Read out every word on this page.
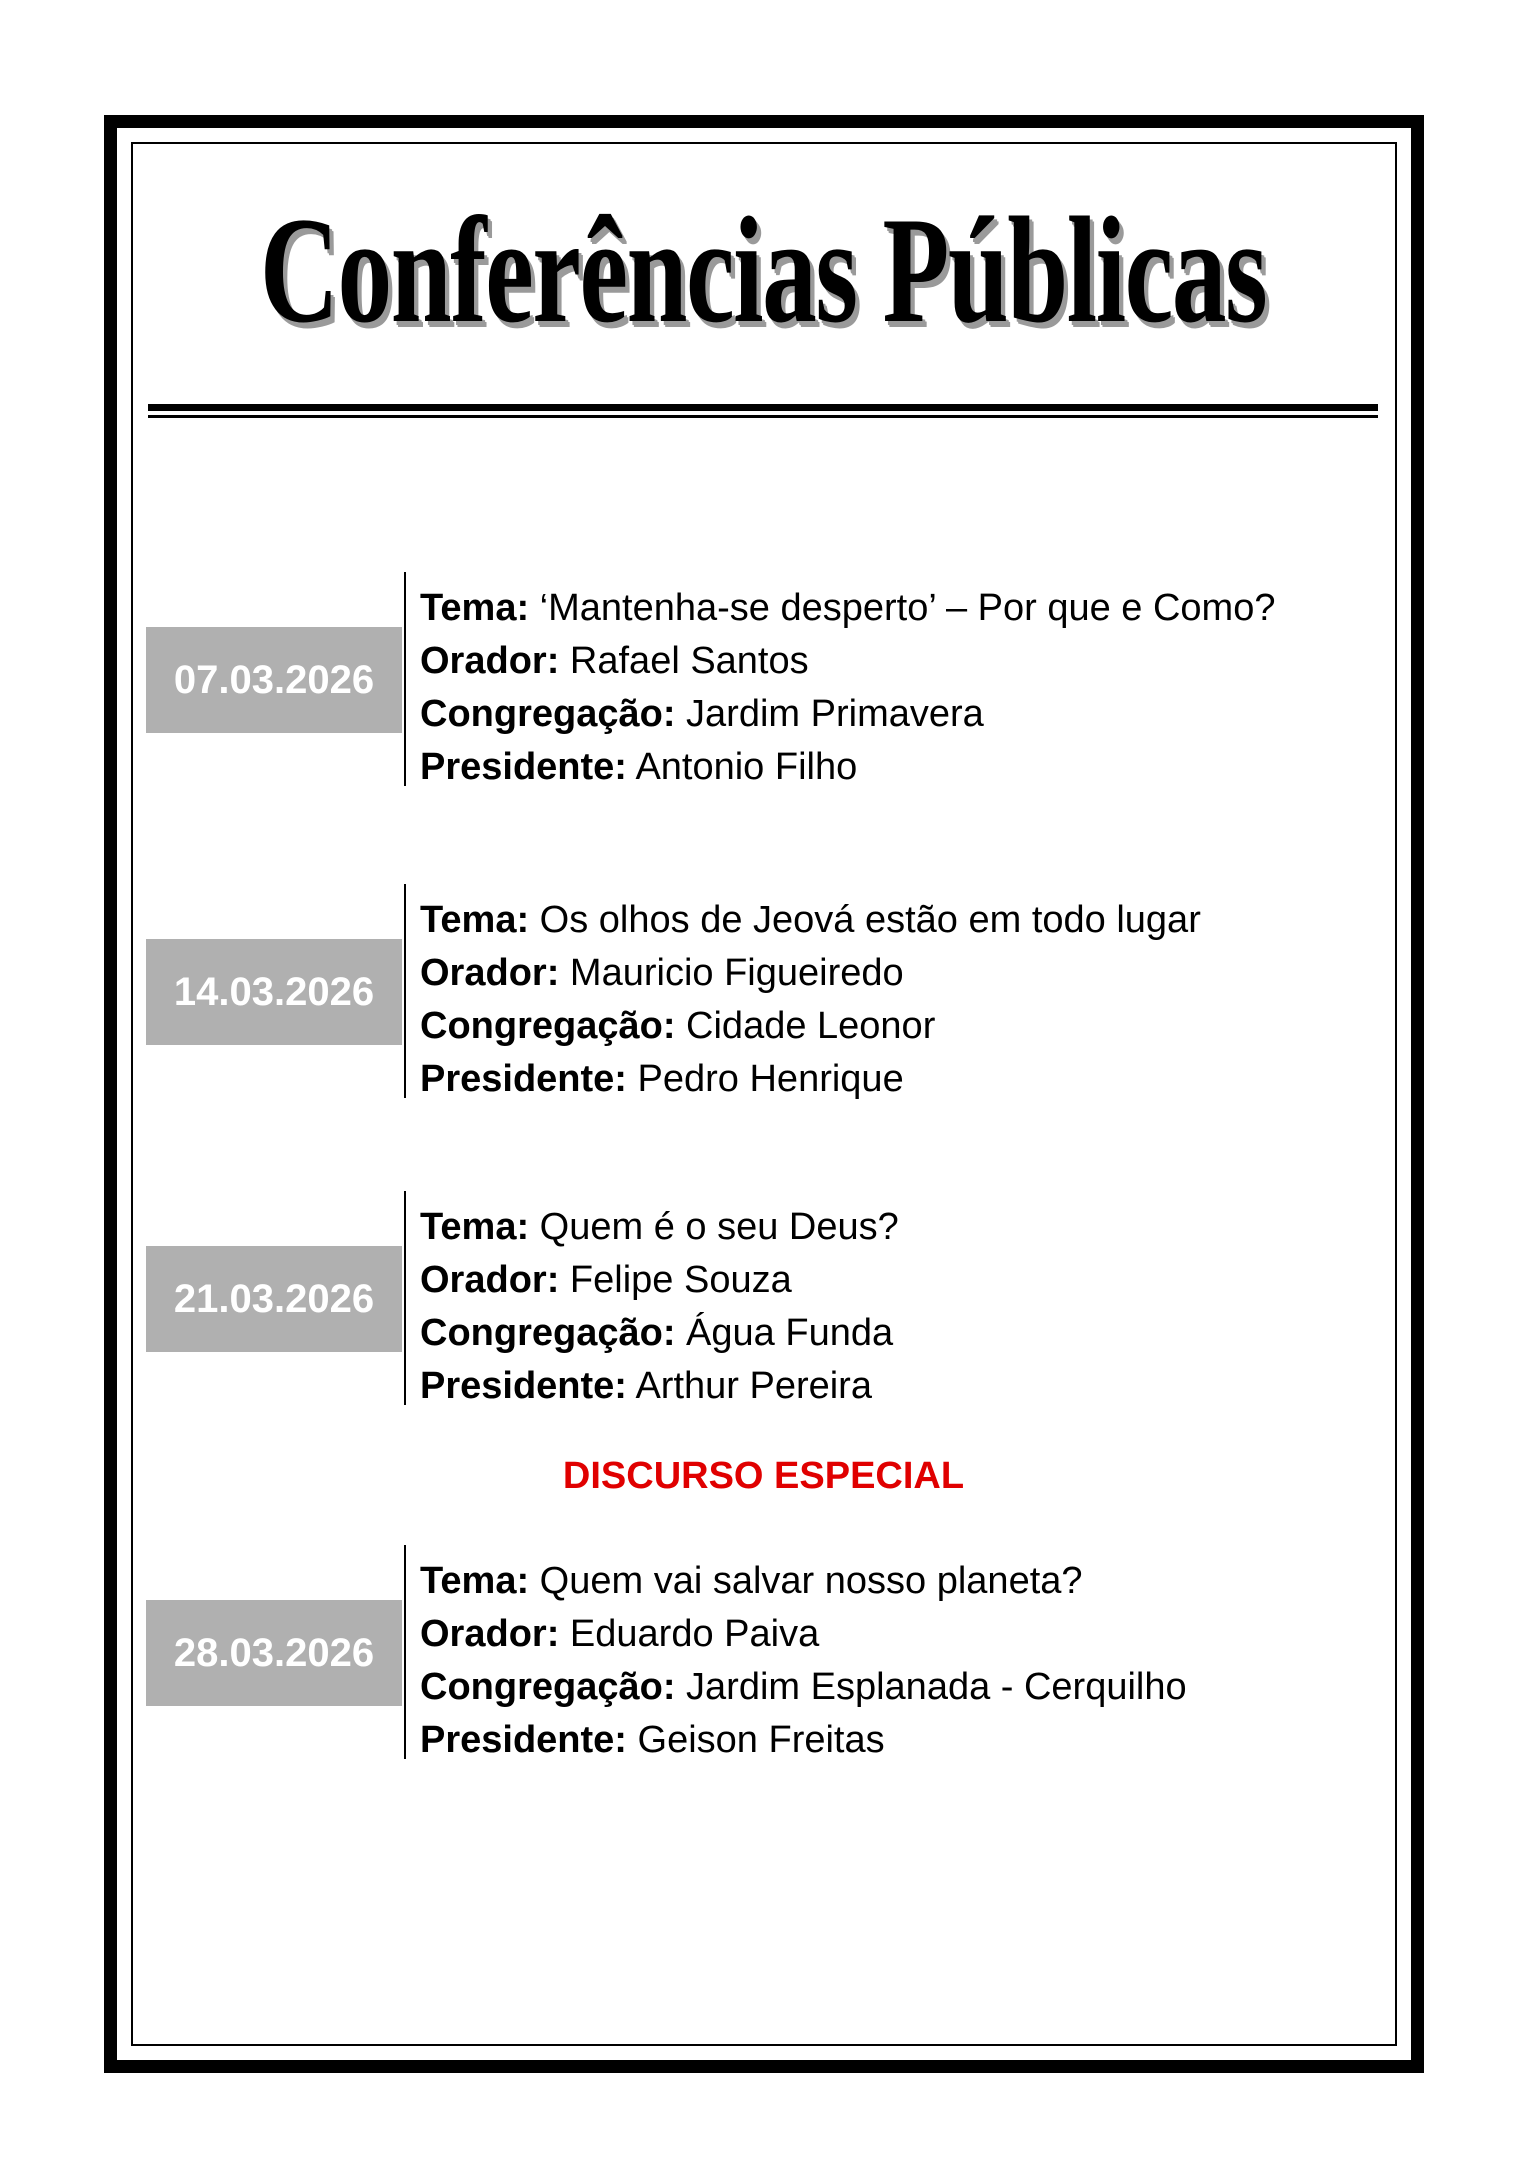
Conferências Públicas
07.03.2026
Tema: ‘Mantenha-se desperto’ – Por que e Como?
Orador: Rafael Santos
Congregação: Jardim Primavera
Presidente: Antonio Filho
14.03.2026
Tema: Os olhos de Jeová estão em todo lugar
Orador: Mauricio Figueiredo
Congregação: Cidade Leonor
Presidente: Pedro Henrique
21.03.2026
Tema: Quem é o seu Deus?
Orador: Felipe Souza
Congregação: Água Funda
Presidente: Arthur Pereira
DISCURSO ESPECIAL
28.03.2026
Tema: Quem vai salvar nosso planeta?
Orador: Eduardo Paiva
Congregação: Jardim Esplanada - Cerquilho
Presidente: Geison Freitas
